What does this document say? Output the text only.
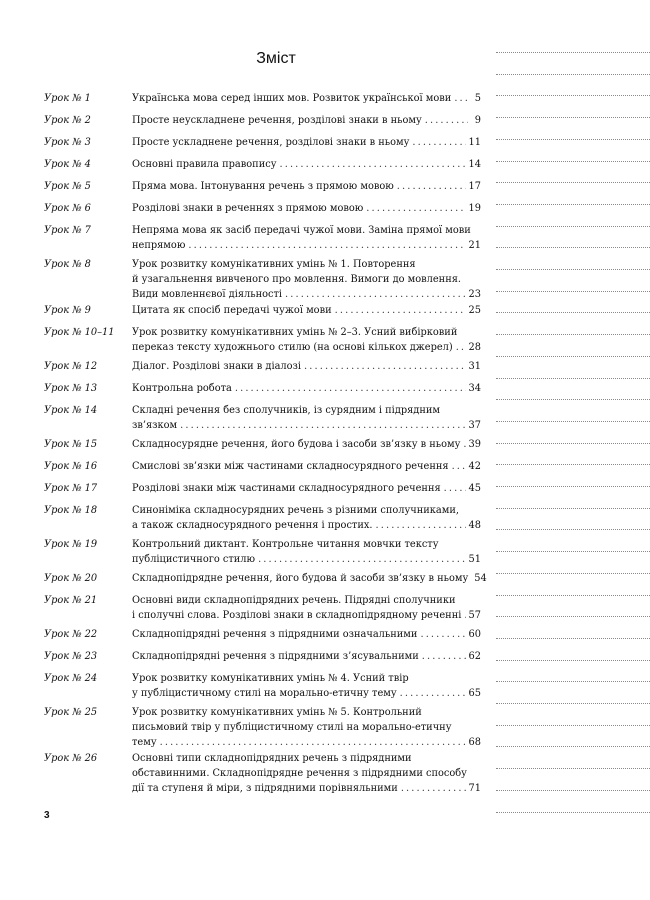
Зміст
Урок № 1	Українська мова серед інших мов. Розвиток української мови . . .	5
Урок № 2	Просте неускладнене речення, розділові знаки в ньому . . .	9
Урок № 3	Просте ускладнене речення, розділові знаки в ньому . . .	11
Урок № 4	Основні правила правопису . . .	14
Урок № 5	Пряма мова. Інтонування речень з прямою мовою . . .	17
Урок № 6	Розділові знаки в реченнях з прямою мовою . . .	19
Урок № 7	Непряма мова як засіб передачі чужої мови. Заміна прямої мови
непрямою . . .	21
Урок № 8	Урок розвитку комунікативних умінь № 1. Повторення
й узагальнення вивченого про мовлення. Вимоги до мовлення.
Види мовленнєвої діяльності . . .	23
Урок № 9	Цитата як спосіб передачі чужої мови . . .	25
Урок № 10–11	Урок розвитку комунікативних умінь № 2–3. Усний вибірковий
переказ тексту художнього стилю (на основі кількох джерел) . . . 28
Урок № 12	Діалог. Розділові знаки в діалозі . . .	31
Урок № 13	Контрольна робота . . .	34
Урок № 14	Складні речення без сполучників, із сурядним і підрядним
зв’язком . . .	37
Урок № 15	Складносурядне речення, його будова і засоби зв’язку в ньому . . . 39
Урок № 16	Смислові зв’язки між частинами складносурядного речення . . . 42
Урок № 17	Розділові знаки між частинами складносурядного речення . . .	45
Урок № 18	Синоніміка складносурядних речень з різними сполучниками,
а також складносурядного речення і простих. . . .	48
Урок № 19	Контрольний диктант. Контрольне читання мовчки тексту
публіцистичного стилю . . .	51
Урок № 20	Складнопідрядне речення, його будова й засоби зв’язку в ньому 54
Урок № 21	Основні види складнопідрядних речень. Підрядні сполучники
і сполучні слова. Розділові знаки в складнопідрядному реченні . . . 57
Урок № 22	Складнопідрядні речення з підрядними означальними . . .	60
Урок № 23	Складнопідрядні речення з підрядними з’ясувальними . . .	62
Урок № 24	Урок розвитку комунікативних умінь № 4. Усний твір
у публіцистичному стилі на морально-етичну тему . . .	65
Урок № 25	Урок розвитку комунікативних умінь № 5. Контрольний
письмовий твір у публіцистичному стилі на морально-етичну
тему . . .	68
Урок № 26	Основні типи складнопідрядних речень з підрядними
обставинними. Складнопідрядне речення з підрядними способу
дії та ступеня й міри, з підрядними порівняльними . . .	71
3
